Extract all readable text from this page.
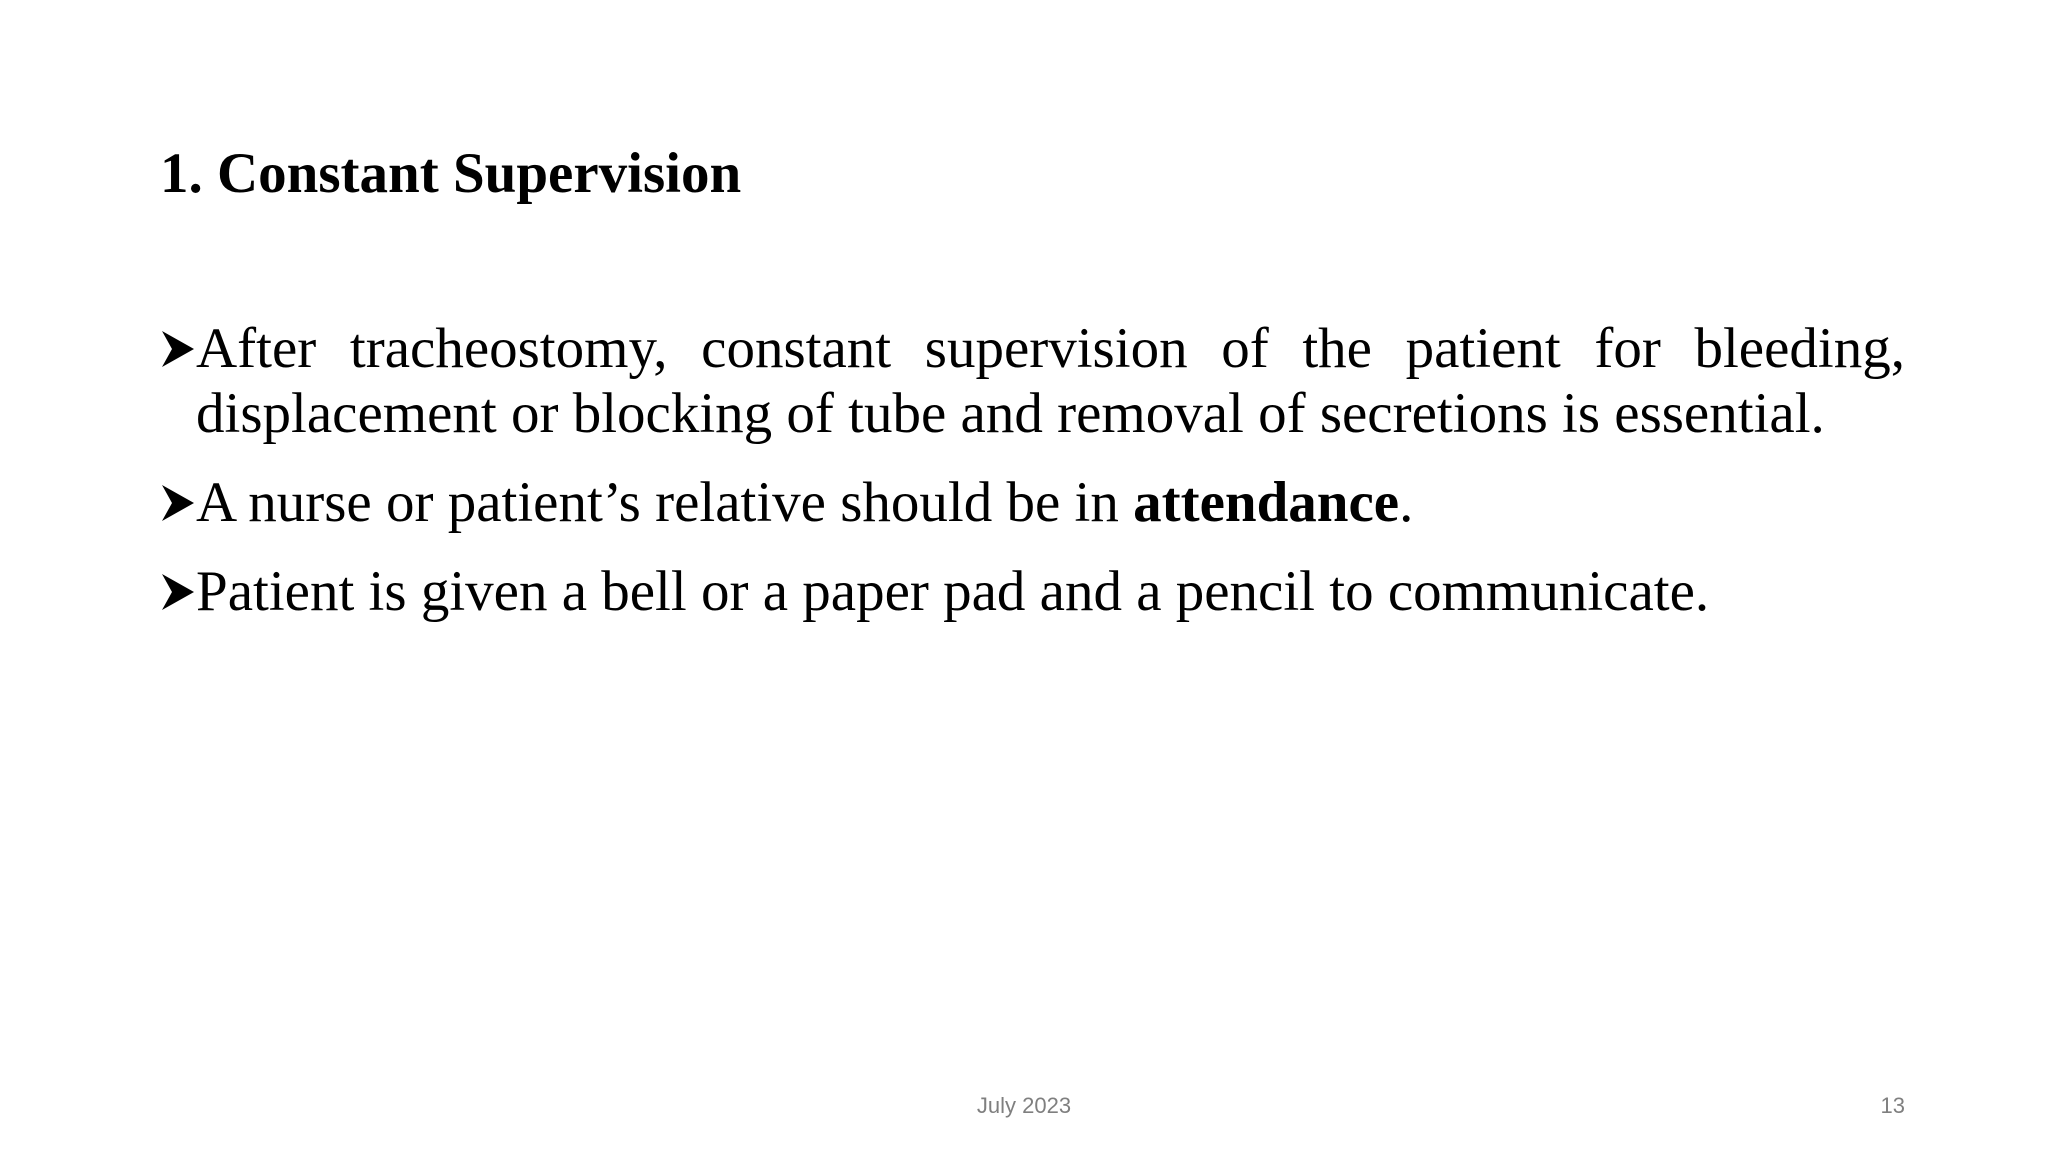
1. Constant Supervision
After tracheostomy, constant supervision of the patient for bleeding, displacement or blocking of tube and removal of secretions is essential.
A nurse or patient’s relative should be in attendance.
Patient is given a bell or a paper pad and a pencil to communicate.
July 2023	13
